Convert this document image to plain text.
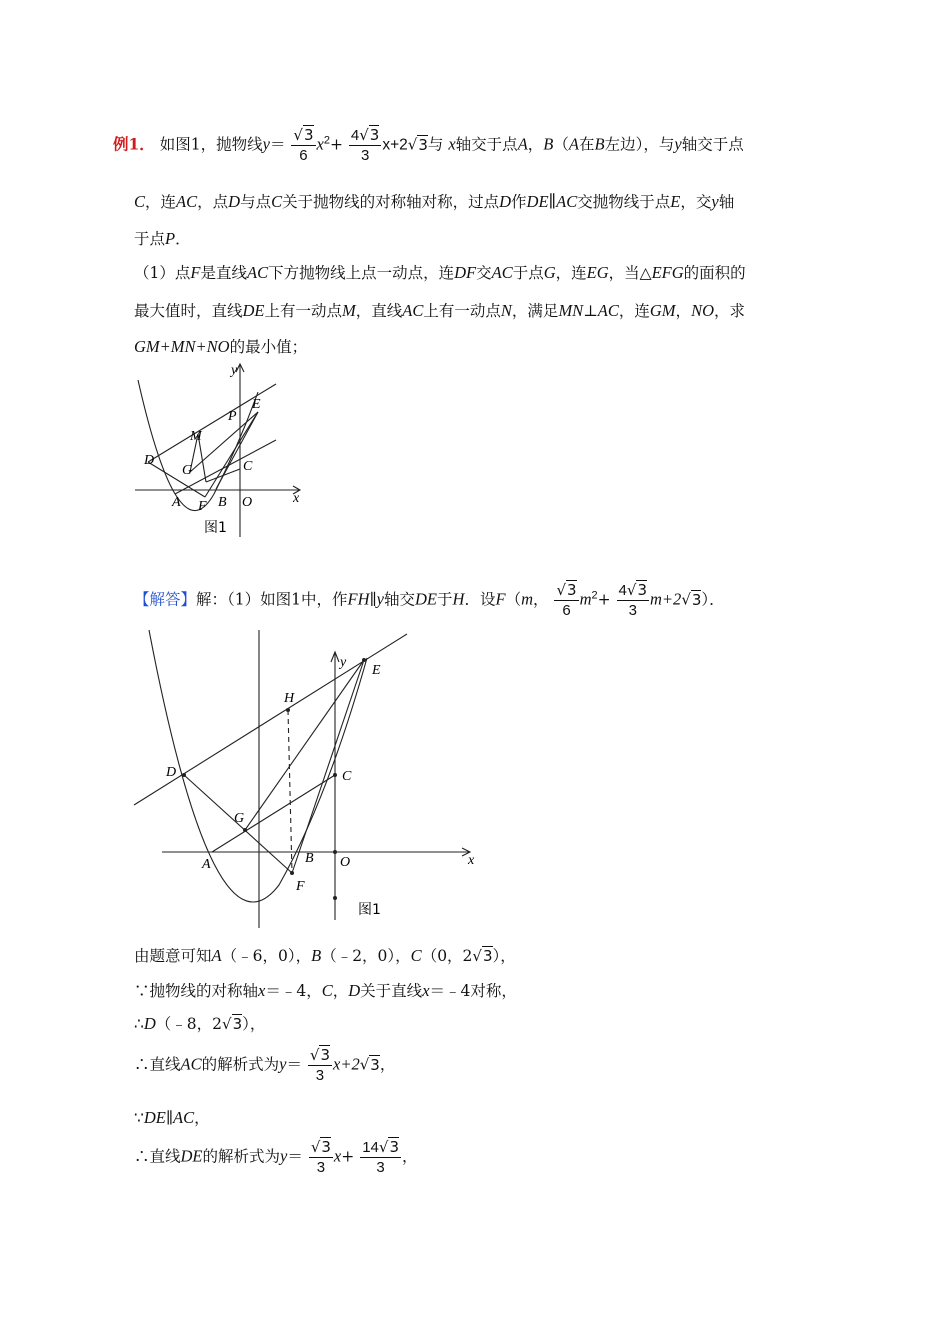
例1． 如图1，抛物线$y= \frac{√3}{6} x^2+ \frac{4√3}{3} x+2√3$与 x轴交于点A，B（A在B左边），与y轴交于点
C，连AC，点D与点C关于抛物线的对称轴对称，过点D作DE∥AC交抛物线于点E，交y轴
于点P．
（1）点F是直线AC下方抛物线上点一动点，连DF交AC于点G，连EG，当△EFG的面积的
最大值时，直线DE上有一动点M，直线AC上有一动点N，满足MN⊥AC，连GM，NO，求
GM+MN+NO的最小值；
y
x
E
P
M
D
G	C
A F B O
图1
【解答】解：（1）如图1中，作FH∥y轴交DE于H．设F（m， $\frac{√3}{6} m^2+ \frac{4√3}{3} m+2√3$）．
y
x
E
H
D	C
G
A	B O
F
图1
由题意可知A（﹣6，0），B（﹣2，0），C（0，2√3），
∵抛物线的对称轴x＝﹣4，C，D关于直线x＝﹣4对称，
∴D（﹣8，2√3），
∴直线AC的解析式为$y= \frac{√3}{3} x+2√3$，
∵DE∥AC，
∴直线DE的解析式为$y= \frac{√3}{3} x+ \frac{14√3}{3}$ ，
